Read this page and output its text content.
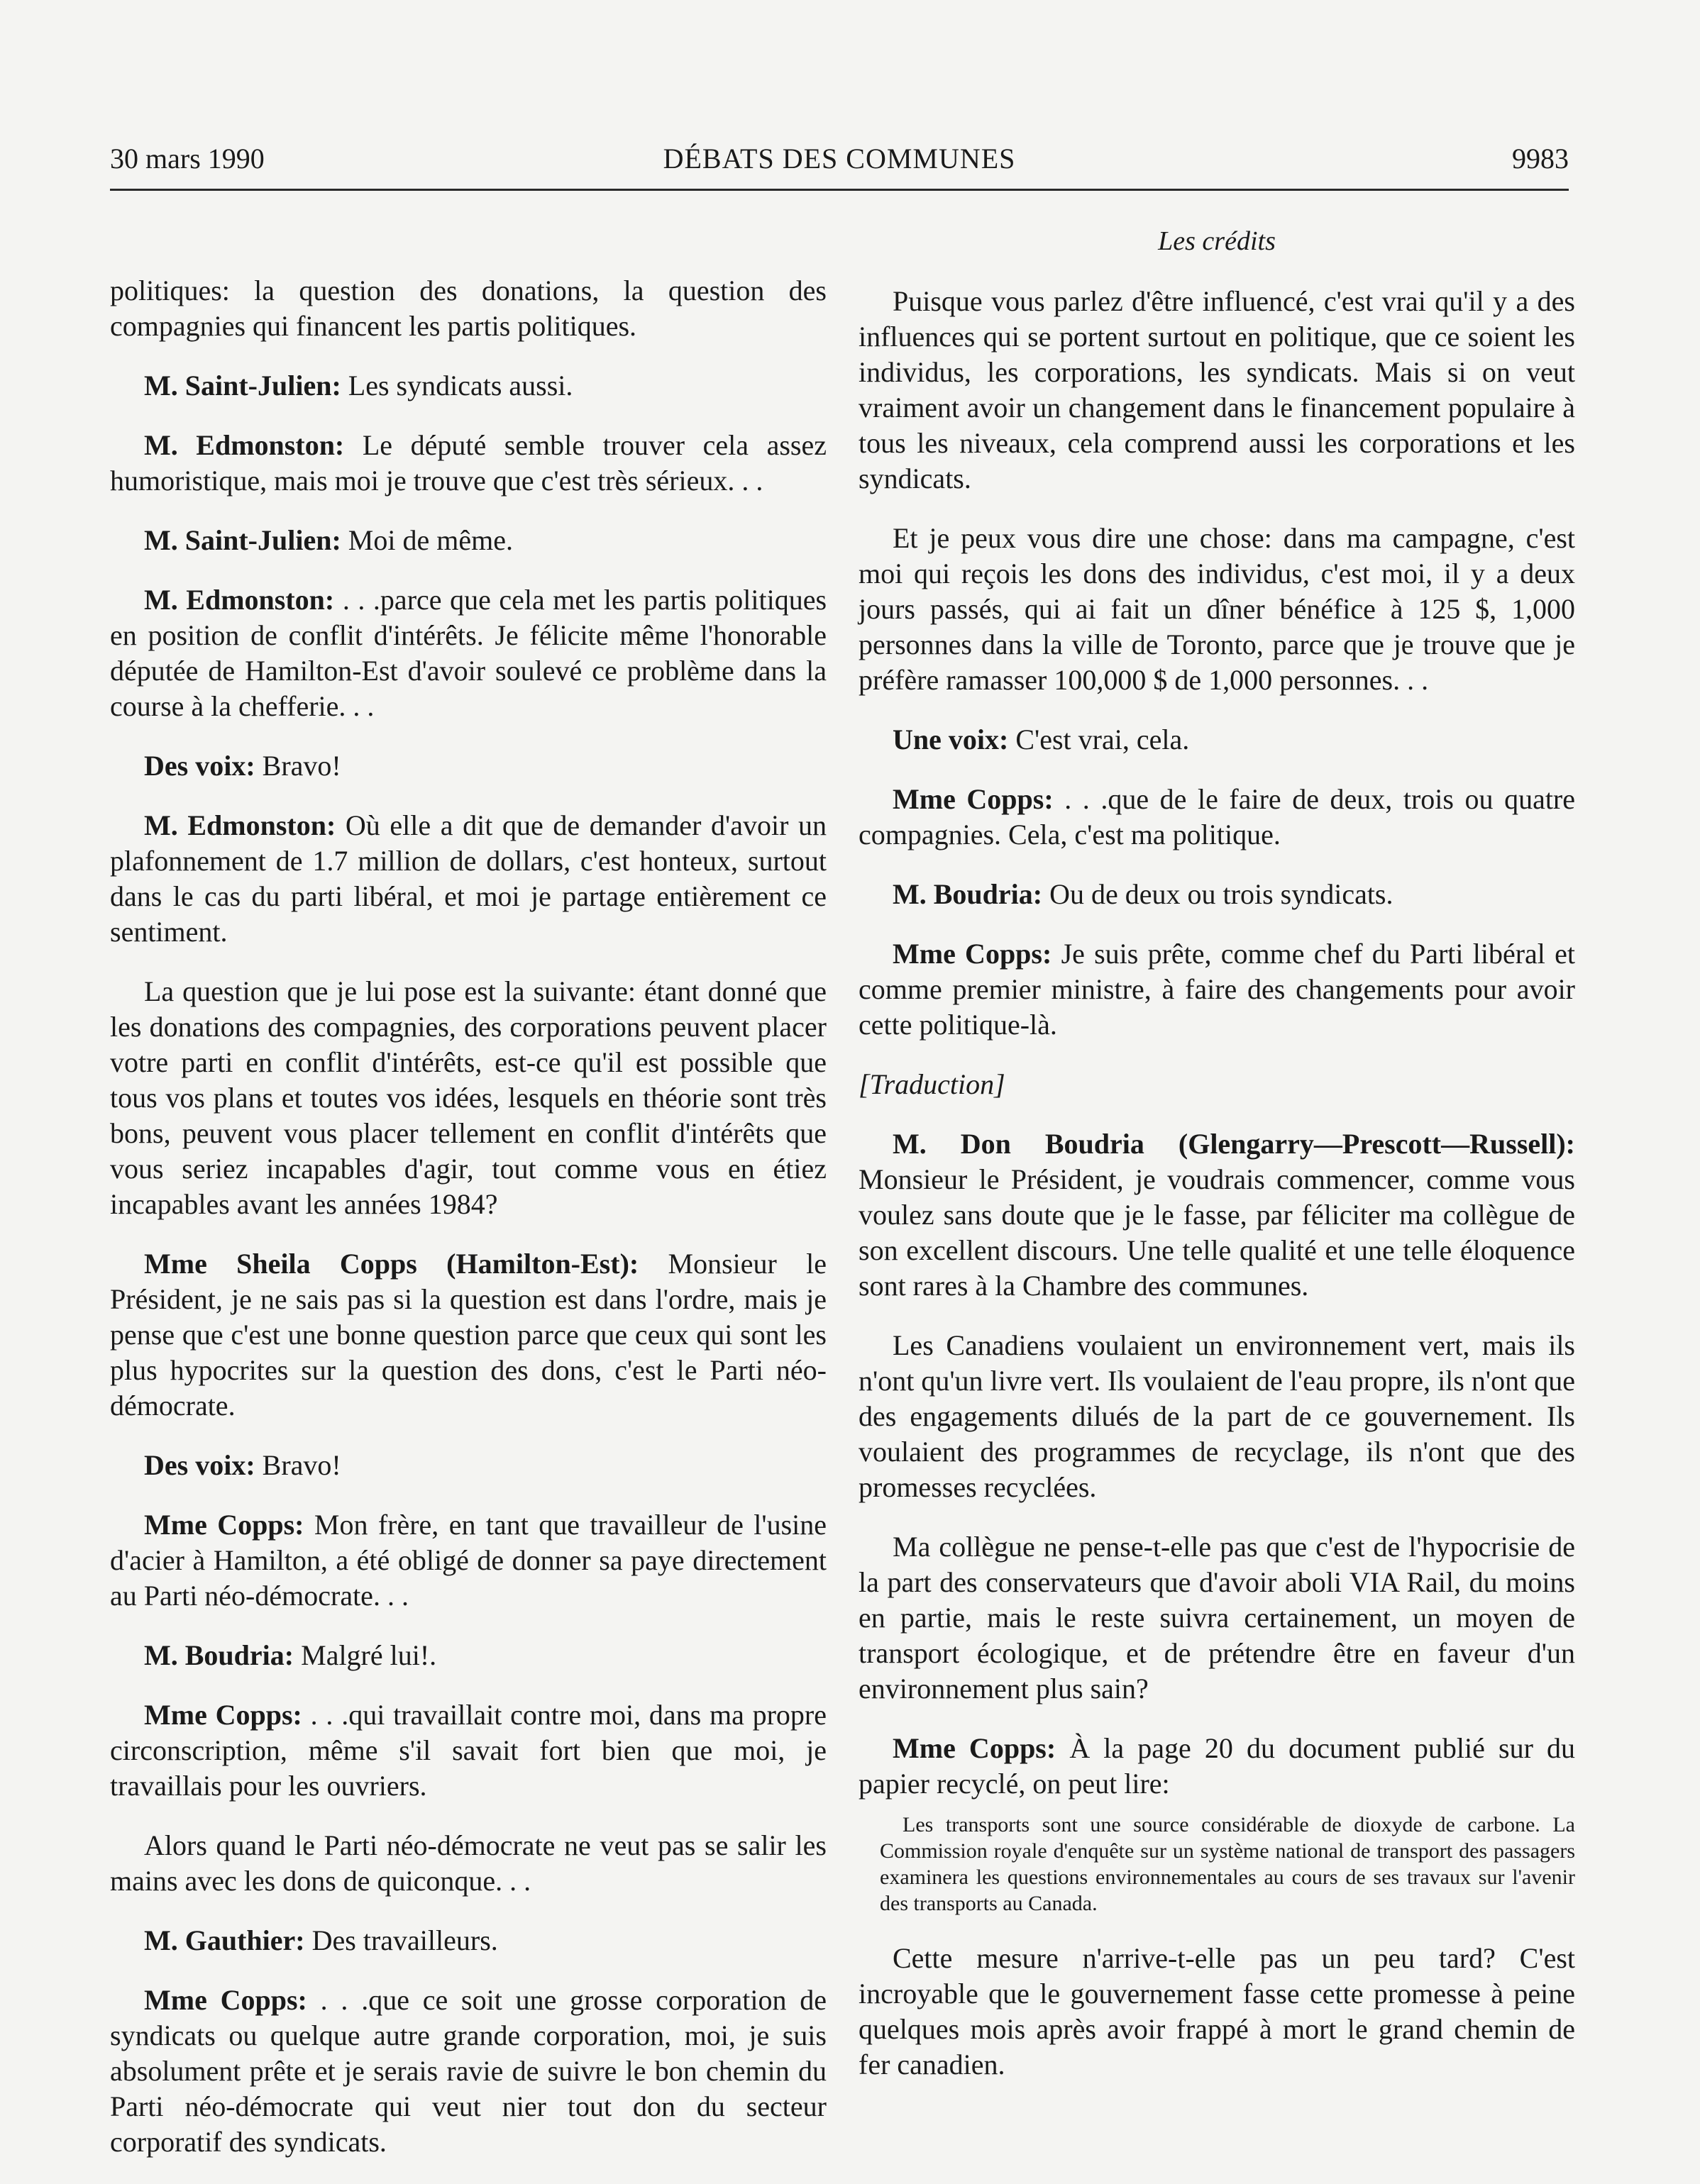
30 mars 1990	DÉBATS DES COMMUNES	9983
Les crédits

politiques: la question des donations, la question des compagnies qui financent les partis politiques.

M. Saint-Julien: Les syndicats aussi.

M. Edmonston: Le député semble trouver cela assez humoristique, mais moi je trouve que c'est très sérieux. . .

M. Saint-Julien: Moi de même.

M. Edmonston: . . .parce que cela met les partis politiques en position de conflit d'intérêts. Je félicite même l'honorable députée de Hamilton-Est d'avoir soulevé ce problème dans la course à la chefferie. . .

Des voix: Bravo!

M. Edmonston: Où elle a dit que de demander d'avoir un plafonnement de 1.7 million de dollars, c'est honteux, surtout dans le cas du parti libéral, et moi je partage entièrement ce sentiment.

La question que je lui pose est la suivante: étant donné que les donations des compagnies, des corporations peuvent placer votre parti en conflit d'intérêts, est-ce qu'il est possible que tous vos plans et toutes vos idées, lesquels en théorie sont très bons, peuvent vous placer tellement en conflit d'intérêts que vous seriez incapables d'agir, tout comme vous en étiez incapables avant les années 1984?

Mme Sheila Copps (Hamilton-Est): Monsieur le Président, je ne sais pas si la question est dans l'ordre, mais je pense que c'est une bonne question parce que ceux qui sont les plus hypocrites sur la question des dons, c'est le Parti néo-démocrate.

Des voix: Bravo!

Mme Copps: Mon frère, en tant que travailleur de l'usine d'acier à Hamilton, a été obligé de donner sa paye directement au Parti néo-démocrate. . .

M. Boudria: Malgré lui!.

Mme Copps: . . .qui travaillait contre moi, dans ma propre circonscription, même s'il savait fort bien que moi, je travaillais pour les ouvriers.

Alors quand le Parti néo-démocrate ne veut pas se salir les mains avec les dons de quiconque. . .

M. Gauthier: Des travailleurs.

Mme Copps: . . .que ce soit une grosse corporation de syndicats ou quelque autre grande corporation, moi, je suis absolument prête et je serais ravie de suivre le bon chemin du Parti néo-démocrate qui veut nier tout don du secteur corporatif des syndicats.

Puisque vous parlez d'être influencé, c'est vrai qu'il y a des influences qui se portent surtout en politique, que ce soient les individus, les corporations, les syndicats. Mais si on veut vraiment avoir un changement dans le financement populaire à tous les niveaux, cela comprend aussi les corporations et les syndicats.

Et je peux vous dire une chose: dans ma campagne, c'est moi qui reçois les dons des individus, c'est moi, il y a deux jours passés, qui ai fait un dîner bénéfice à 125 $, 1,000 personnes dans la ville de Toronto, parce que je trouve que je préfère ramasser 100,000 $ de 1,000 personnes. . .

Une voix: C'est vrai, cela.

Mme Copps: . . .que de le faire de deux, trois ou quatre compagnies. Cela, c'est ma politique.

M. Boudria: Ou de deux ou trois syndicats.

Mme Copps: Je suis prête, comme chef du Parti libéral et comme premier ministre, à faire des changements pour avoir cette politique-là.

[Traduction]

M. Don Boudria (Glengarry—Prescott—Russell): Monsieur le Président, je voudrais commencer, comme vous voulez sans doute que je le fasse, par féliciter ma collègue de son excellent discours. Une telle qualité et une telle éloquence sont rares à la Chambre des communes.

Les Canadiens voulaient un environnement vert, mais ils n'ont qu'un livre vert. Ils voulaient de l'eau propre, ils n'ont que des engagements dilués de la part de ce gouvernement. Ils voulaient des programmes de recyclage, ils n'ont que des promesses recyclées.

Ma collègue ne pense-t-elle pas que c'est de l'hypocrisie de la part des conservateurs que d'avoir aboli VIA Rail, du moins en partie, mais le reste suivra certainement, un moyen de transport écologique, et de prétendre être en faveur d'un environnement plus sain?

Mme Copps: À la page 20 du document publié sur du papier recyclé, on peut lire:

Les transports sont une source considérable de dioxyde de carbone. La Commission royale d'enquête sur un système national de transport des passagers examinera les questions environnementales au cours de ses travaux sur l'avenir des transports au Canada.

Cette mesure n'arrive-t-elle pas un peu tard? C'est incroyable que le gouvernement fasse cette promesse à peine quelques mois après avoir frappé à mort le grand chemin de fer canadien.
